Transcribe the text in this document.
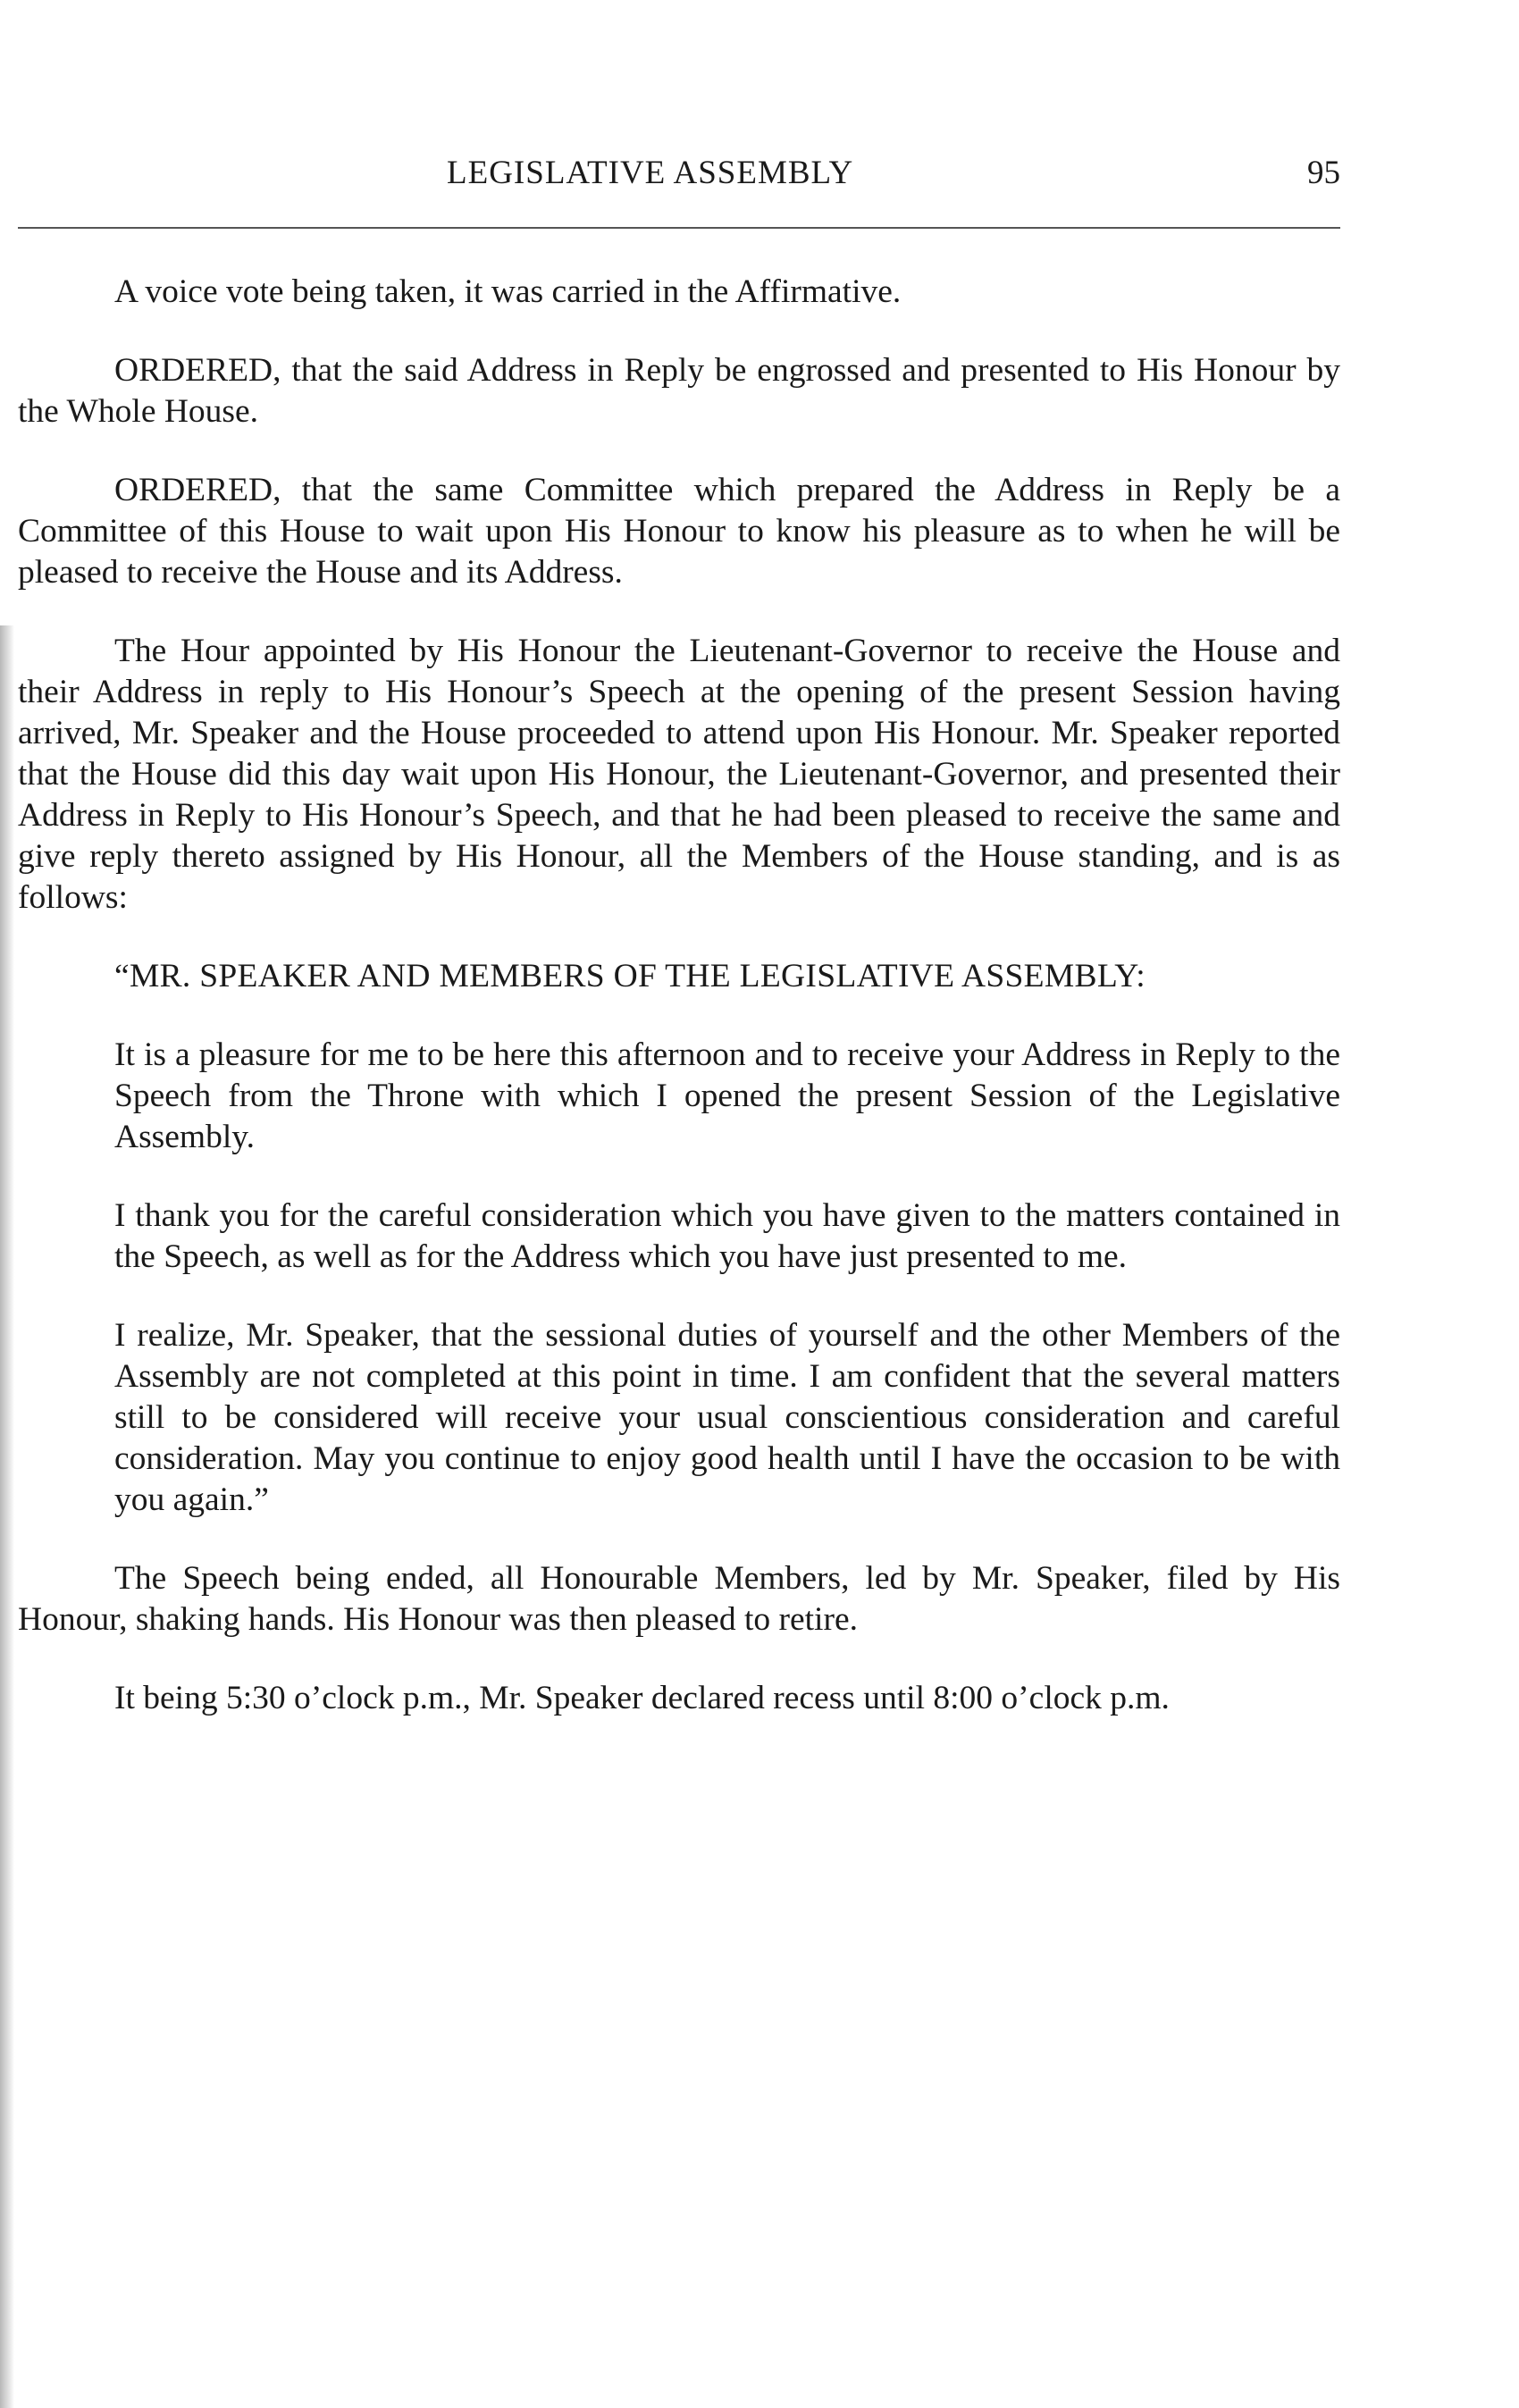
LEGISLATIVE ASSEMBLY	95

A voice vote being taken, it was carried in the Affirmative.

ORDERED, that the said Address in Reply be engrossed and presented to His Honour by the Whole House.

ORDERED, that the same Committee which prepared the Address in Reply be a Committee of this House to wait upon His Honour to know his pleasure as to when he will be pleased to receive the House and its Address.

The Hour appointed by His Honour the Lieutenant-Governor to receive the House and their Address in reply to His Honour’s Speech at the opening of the present Session having arrived, Mr. Speaker and the House proceeded to attend upon His Honour. Mr. Speaker reported that the House did this day wait upon His Honour, the Lieutenant-Governor, and presented their Address in Reply to His Honour’s Speech, and that he had been pleased to receive the same and give reply thereto assigned by His Honour, all the Members of the House standing, and is as follows:

“MR. SPEAKER AND MEMBERS OF THE LEGISLATIVE ASSEMBLY:

It is a pleasure for me to be here this afternoon and to receive your Address in Reply to the Speech from the Throne with which I opened the present Session of the Legislative Assembly.

I thank you for the careful consideration which you have given to the matters contained in the Speech, as well as for the Address which you have just presented to me.

I realize, Mr. Speaker, that the sessional duties of yourself and the other Members of the Assembly are not completed at this point in time. I am confident that the several matters still to be considered will receive your usual conscientious consideration and careful consideration. May you continue to enjoy good health until I have the occasion to be with you again.”

The Speech being ended, all Honourable Members, led by Mr. Speaker, filed by His Honour, shaking hands. His Honour was then pleased to retire.

It being 5:30 o’clock p.m., Mr. Speaker declared recess until 8:00 o’clock p.m.
